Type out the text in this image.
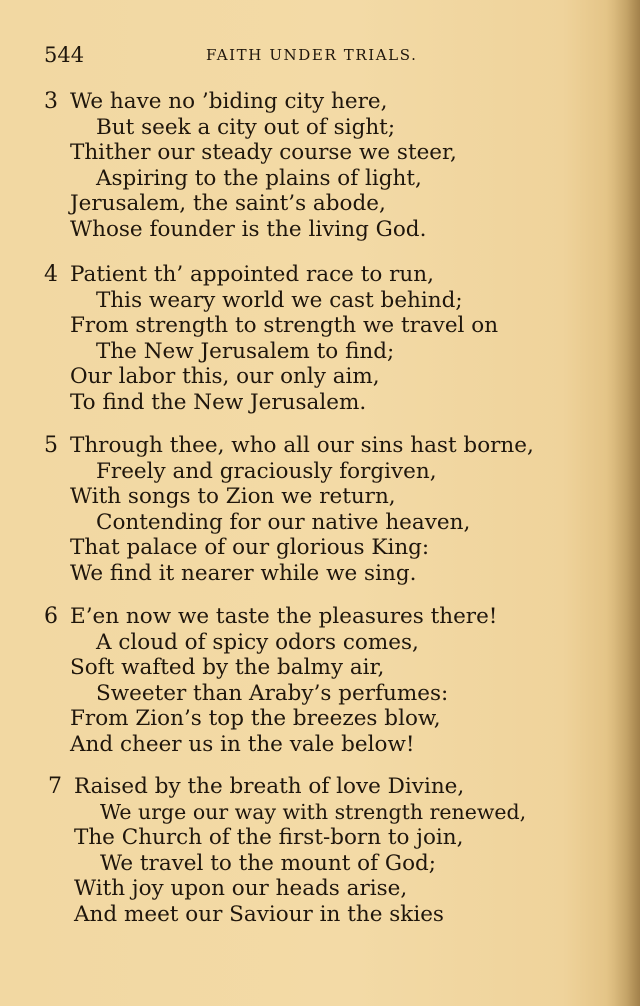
544	FAITH UNDER TRIALS.
3 We have no ’biding city here,
But seek a city out of sight;
Thither our steady course we steer,
Aspiring to the plains of light,
Jerusalem, the saint’s abode,
Whose founder is the living God.
4 Patient th’ appointed race to run,
This weary world we cast behind;
From strength to strength we travel on
The New Jerusalem to find;
Our labor this, our only aim,
To find the New Jerusalem.
5 Through thee, who all our sins hast borne,
Freely and graciously forgiven,
With songs to Zion we return,
Contending for our native heaven,
That palace of our glorious King:
We find it nearer while we sing.
6 E’en now we taste the pleasures there!
A cloud of spicy odors comes,
Soft wafted by the balmy air,
Sweeter than Araby’s perfumes:
From Zion’s top the breezes blow,
And cheer us in the vale below!
7 Raised by the breath of love Divine,
We urge our way with strength renewed,
The Church of the first-born to join,
We travel to the mount of God;
With joy upon our heads arise,
And meet our Saviour in the skies
